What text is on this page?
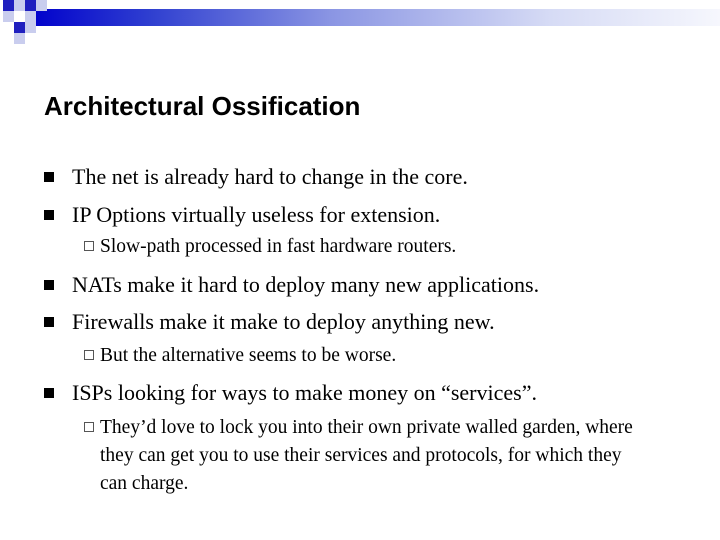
Architectural Ossification
The net is already hard to change in the core.
IP Options virtually useless for extension.
Slow-path processed in fast hardware routers.
NATs make it hard to deploy many new applications.
Firewalls make it make to deploy anything new.
But the alternative seems to be worse.
ISPs looking for ways to make money on “services”.
They’d love to lock you into their own private walled garden, where they can get you to use their services and protocols, for which they can charge.
